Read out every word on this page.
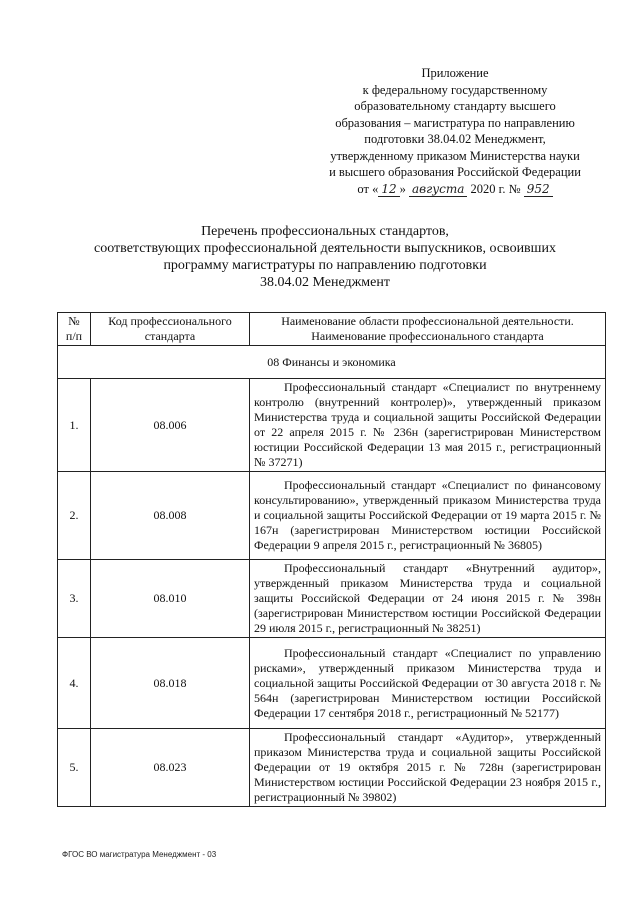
Приложение
к федеральному государственному
образовательному стандарту высшего
образования – магистратура по направлению
подготовки 38.04.02 Менеджмент,
утвержденному приказом Министерства науки
и высшего образования Российской Федерации
от « 12 » августа 2020 г. № 952
Перечень профессиональных стандартов,
соответствующих профессиональной деятельности выпускников, освоивших
программу магистратуры по направлению подготовки
38.04.02 Менеджмент
№ п/п	Код профессионального стандарта	Наименование области профессиональной деятельности. Наименование профессионального стандарта
08 Финансы и экономика		
1.	08.006	Профессиональный стандарт «Специалист по внутреннему контролю (внутренний контролер)», утвержденный приказом Министерства труда и социальной защиты Российской Федерации от 22 апреля 2015 г. № 236н (зарегистрирован Министерством юстиции Российской Федерации 13 мая 2015 г., регистрационный № 37271)

2.	08.008	Профессиональный стандарт «Специалист по финансовому консультированию», утвержденный приказом Министерства труда и социальной защиты Российской Федерации от 19 марта 2015 г. № 167н (зарегистрирован Министерством юстиции Российской Федерации 9 апреля 2015 г., регистрационный № 36805)

3.	08.010	Профессиональный стандарт «Внутренний аудитор», утвержденный приказом Министерства труда и социальной защиты Российской Федерации от 24 июня 2015 г. № 398н (зарегистрирован Министерством юстиции Российской Федерации 29 июля 2015 г., регистрационный № 38251)

4.	08.018	Профессиональный стандарт «Специалист по управлению рисками», утвержденный приказом Министерства труда и социальной защиты Российской Федерации от 30 августа 2018 г. № 564н (зарегистрирован Министерством юстиции Российской Федерации 17 сентября 2018 г., регистрационный № 52177)

5.	08.023	Профессиональный стандарт «Аудитор», утвержденный приказом Министерства труда и социальной защиты Российской Федерации от 19 октября 2015 г. № 728н (зарегистрирован Министерством юстиции Российской Федерации 23 ноября 2015 г., регистрационный № 39802)
ФГОС ВО магистратура Менеджмент - 03
